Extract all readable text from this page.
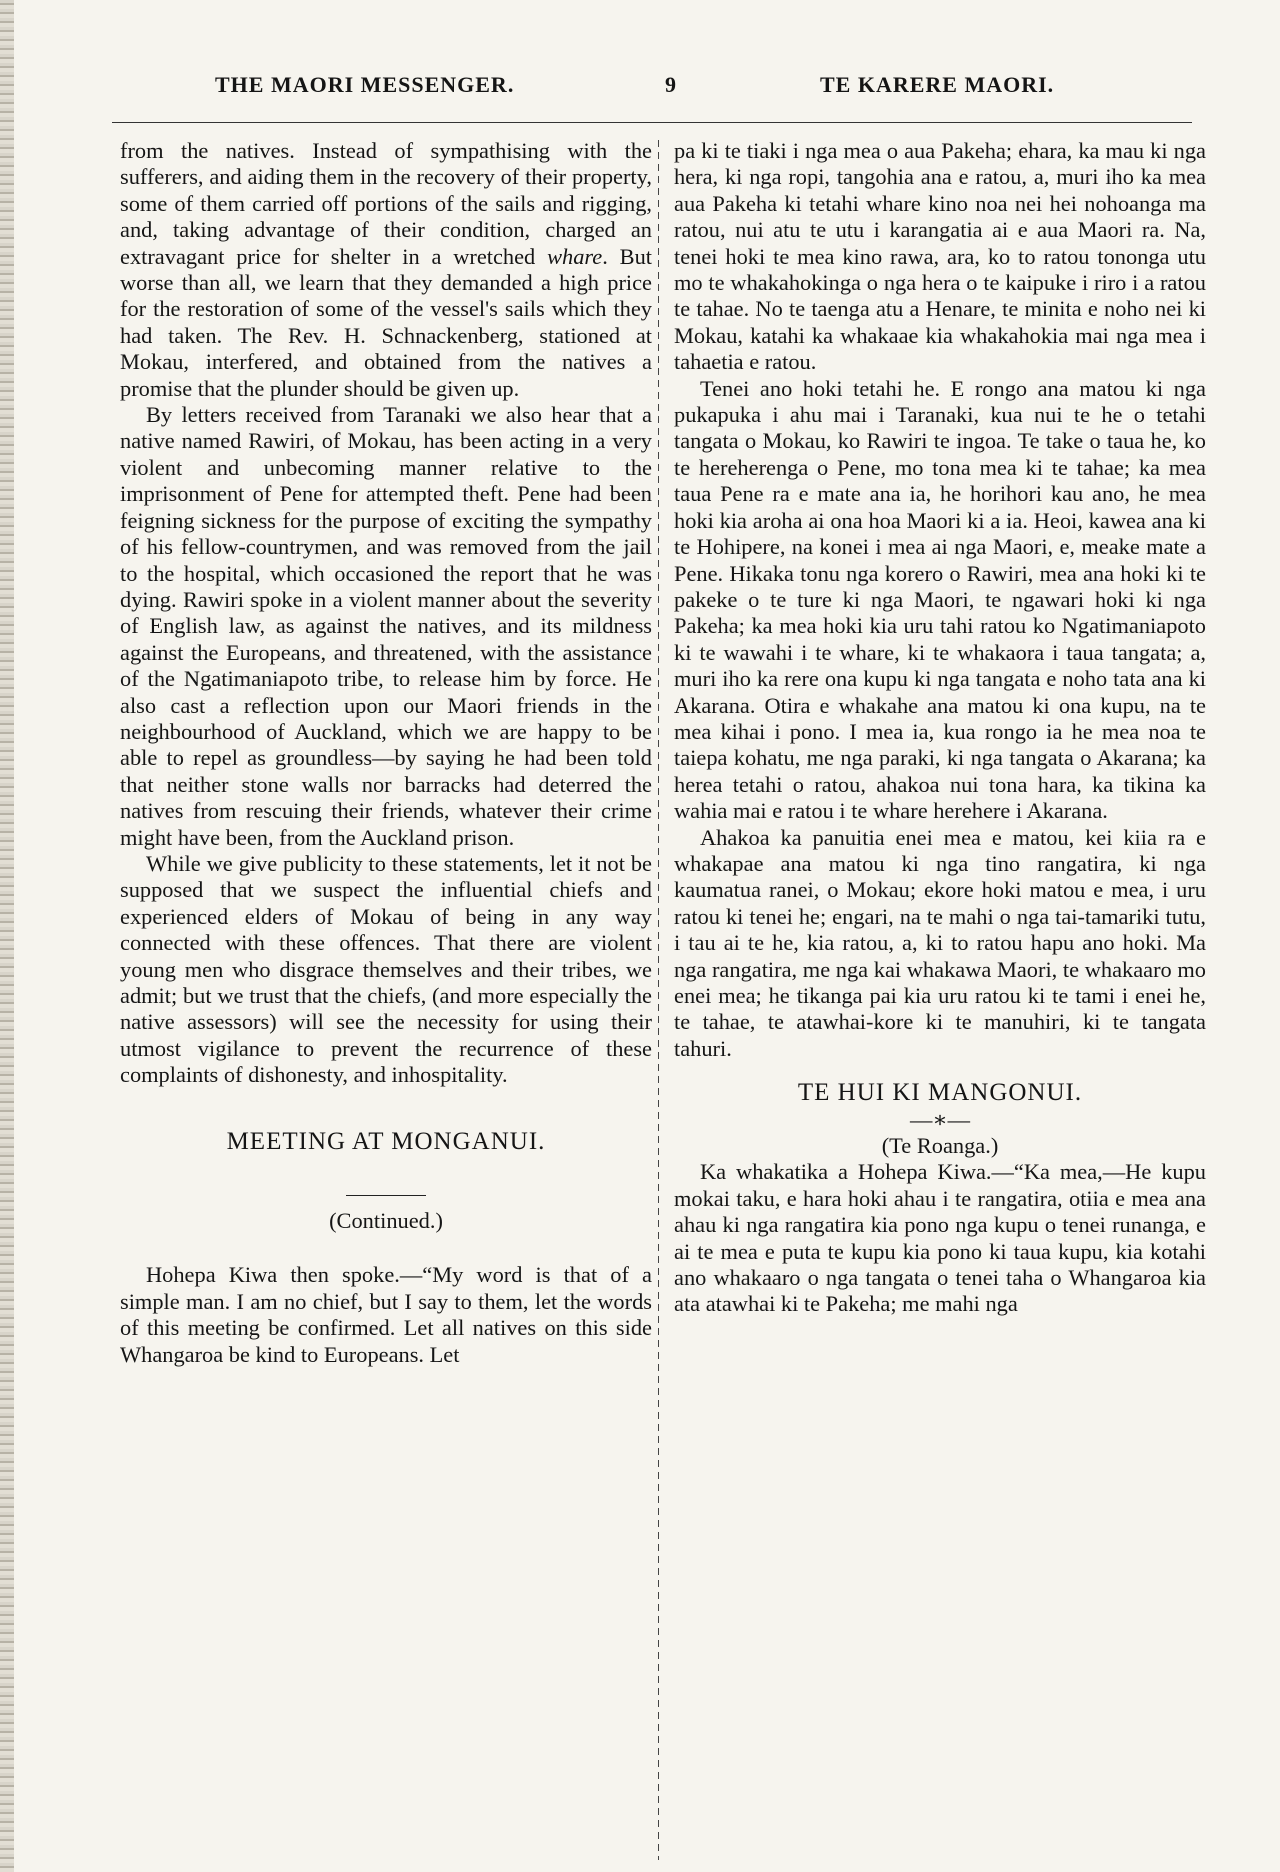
THE MAORI MESSENGER.	9	TE KARERE MAORI.

from the natives. Instead of sympathising with the sufferers, and aiding them in the recovery of their property, some of them carried off portions of the sails and rigging, and, taking advantage of their condition, charged an extravagant price for shelter in a wretched whare. But worse than all, we learn that they demanded a high price for the restoration of some of the vessel's sails which they had taken. The Rev. H. Schnackenberg, stationed at Mokau, interfered, and obtained from the natives a promise that the plunder should be given up.

By letters received from Taranaki we also hear that a native named Rawiri, of Mokau, has been acting in a very violent and unbecoming manner relative to the imprisonment of Pene for attempted theft. Pene had been feigning sickness for the purpose of exciting the sympathy of his fellow-countrymen, and was removed from the jail to the hospital, which occasioned the report that he was dying. Rawiri spoke in a violent manner about the severity of English law, as against the natives, and its mildness against the Europeans, and threatened, with the assistance of the Ngatimaniapoto tribe, to release him by force. He also cast a reflection upon our Maori friends in the neighbourhood of Auckland, which we are happy to be able to repel as groundless—by saying he had been told that neither stone walls nor barracks had deterred the natives from rescuing their friends, whatever their crime might have been, from the Auckland prison.

While we give publicity to these statements, let it not be supposed that we suspect the influential chiefs and experienced elders of Mokau of being in any way connected with these offences. That there are violent young men who disgrace themselves and their tribes, we admit; but we trust that the chiefs, (and more especially the native assessors) will see the necessity for using their utmost vigilance to prevent the recurrence of these complaints of dishonesty, and inhospitality.

MEETING AT MONGANUI.

(Continued.)

Hohepa Kiwa then spoke.—“My word is that of a simple man. I am no chief, but I say to them, let the words of this meeting be confirmed. Let all natives on this side Whangaroa be kind to Europeans. Let

pa ki te tiaki i nga mea o aua Pakeha; ehara, ka mau ki nga hera, ki nga ropi, tangohia ana e ratou, a, muri iho ka mea aua Pakeha ki tetahi whare kino noa nei hei nohoanga ma ratou, nui atu te utu i karangatia ai e aua Maori ra. Na, tenei hoki te mea kino rawa, ara, ko to ratou tononga utu mo te whakahokinga o nga hera o te kaipuke i riro i a ratou te tahae. No te taenga atu a Henare, te minita e noho nei ki Mokau, katahi ka whakaae kia whakahokia mai nga mea i tahaetia e ratou.

Tenei ano hoki tetahi he. E rongo ana matou ki nga pukapuka i ahu mai i Taranaki, kua nui te he o tetahi tangata o Mokau, ko Rawiri te ingoa. Te take o taua he, ko te hereherenga o Pene, mo tona mea ki te tahae; ka mea taua Pene ra e mate ana ia, he horihori kau ano, he mea hoki kia aroha ai ona hoa Maori ki a ia. Heoi, kawea ana ki te Hohipere, na konei i mea ai nga Maori, e, meake mate a Pene. Hikaka tonu nga korero o Rawiri, mea ana hoki ki te pakeke o te ture ki nga Maori, te ngawari hoki ki nga Pakeha; ka mea hoki kia uru tahi ratou ko Ngatimaniapoto ki te wawahi i te whare, ki te whakaora i taua tangata; a, muri iho ka rere ona kupu ki nga tangata e noho tata ana ki Akarana. Otira e whakahe ana matou ki ona kupu, na te mea kihai i pono. I mea ia, kua rongo ia he mea noa te taiepa kohatu, me nga paraki, ki nga tangata o Akarana; ka herea tetahi o ratou, ahakoa nui tona hara, ka tikina ka wahia mai e ratou i te whare herehere i Akarana.

Ahakoa ka panuitia enei mea e matou, kei kiia ra e whakapae ana matou ki nga tino rangatira, ki nga kaumatua ranei, o Mokau; ekore hoki matou e mea, i uru ratou ki tenei he; engari, na te mahi o nga tai-tamariki tutu, i tau ai te he, kia ratou, a, ki to ratou hapu ano hoki. Ma nga rangatira, me nga kai whakawa Maori, te whakaaro mo enei mea; he tikanga pai kia uru ratou ki te tami i enei he, te tahae, te atawhai-kore ki te manuhiri, ki te tangata tahuri.

TE HUI KI MANGONUI.

—∗—

(Te Roanga.)

Ka whakatika a Hohepa Kiwa.—“Ka mea,—He kupu mokai taku, e hara hoki ahau i te rangatira, otiia e mea ana ahau ki nga rangatira kia pono nga kupu o tenei runanga, e ai te mea e puta te kupu kia pono ki taua kupu, kia kotahi ano whakaaro o nga tangata o tenei taha o Whangaroa kia ata atawhai ki te Pakeha; me mahi nga
